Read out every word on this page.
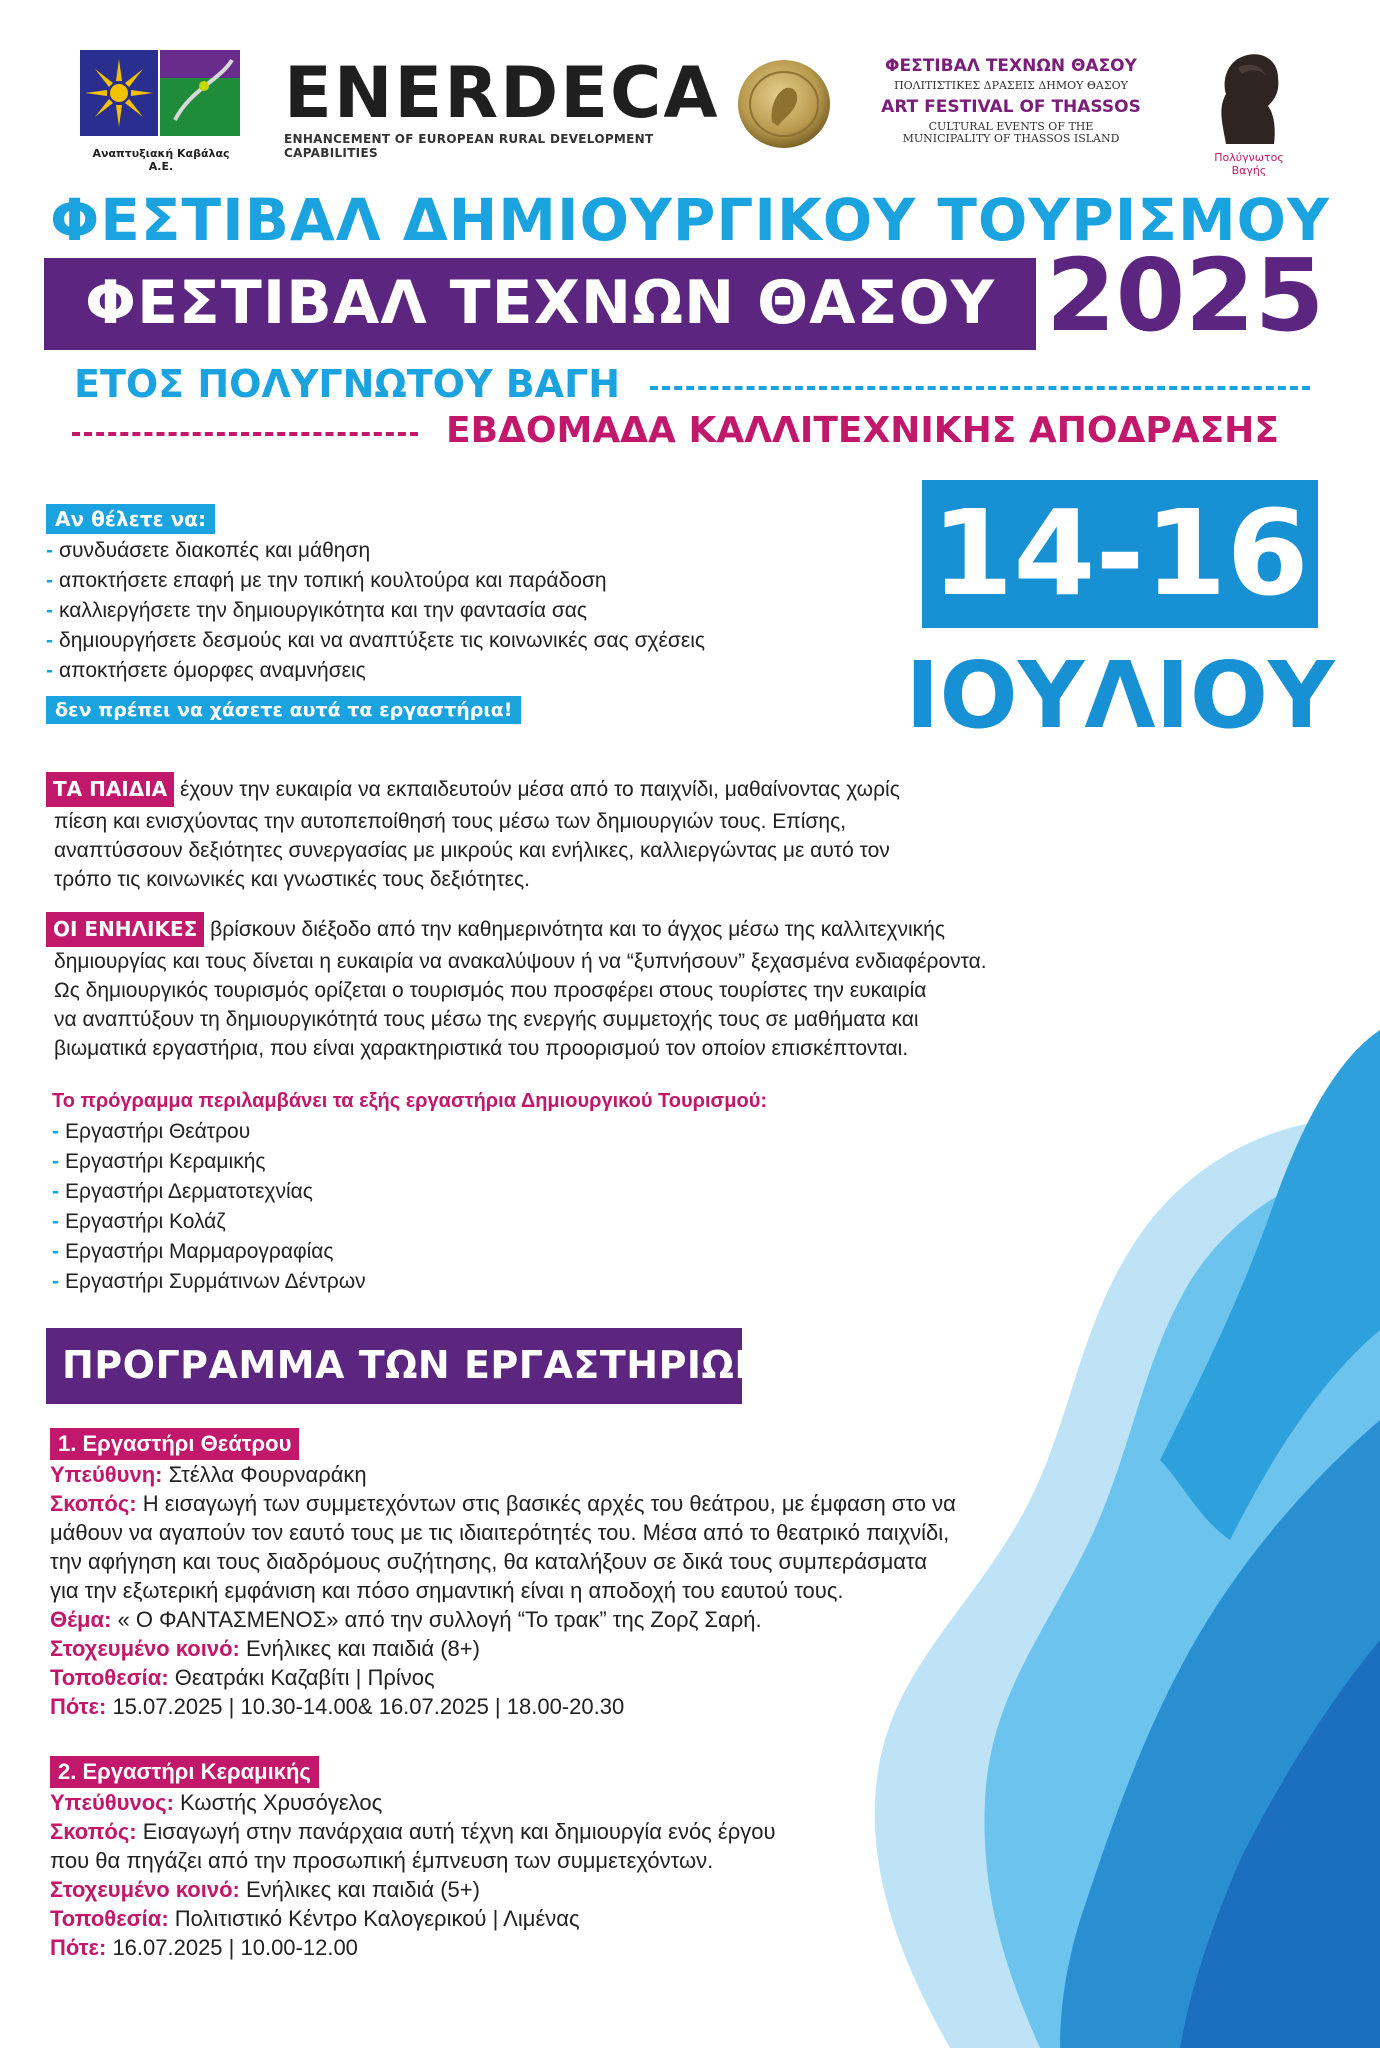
Αναπτυξιακή Καβάλας Α.Ε.
ENERDECA
ENHANCEMENT OF EUROPEAN RURAL DEVELOPMENT CAPABILITIES
ΦΕΣΤΙΒΑΛ ΤΕΧΝΩΝ ΘΑΣΟΥ
ΠΟΛΙΤΙΣΤΙΚΕΣ ΔΡΑΣΕΙΣ ΔΗΜΟΥ ΘΑΣΟΥ
ART FESTIVAL OF THASSOS
CULTURAL EVENTS OF THE MUNICIPALITY OF THASSOS ISLAND
Πολύγνωτος Βαγής
ΦΕΣΤΙΒΑΛ ΔΗΜΙΟΥΡΓΙΚΟΥ ΤΟΥΡΙΣΜΟΥ
ΦΕΣΤΙΒΑΛ ΤΕΧΝΩΝ ΘΑΣΟΥ 2025
ΕΤΟΣ ΠΟΛΥΓΝΩΤΟΥ ΒΑΓΗ
ΕΒΔΟΜΑΔΑ ΚΑΛΛΙΤΕΧΝΙΚΗΣ ΑΠΟΔΡΑΣΗΣ
14-16
ΙΟΥΛΙΟΥ
Αν θέλετε να:
- συνδυάσετε διακοπές και μάθηση
- αποκτήσετε επαφή με την τοπική κουλτούρα και παράδοση
- καλλιεργήσετε την δημιουργικότητα και την φαντασία σας
- δημιουργήσετε δεσμούς και να αναπτύξετε τις κοινωνικές σας σχέσεις
- αποκτήσετε όμορφες αναμνήσεις
δεν πρέπει να χάσετε αυτά τα εργαστήρια!
ΤΑ ΠΑΙΔΙΑ έχουν την ευκαιρία να εκπαιδευτούν μέσα από το παιχνίδι, μαθαίνοντας χωρίς
πίεση και ενισχύοντας την αυτοπεποίθησή τους μέσω των δημιουργιών τους. Επίσης,
αναπτύσσουν δεξιότητες συνεργασίας με μικρούς και ενήλικες, καλλιεργώντας με αυτό τον
τρόπο τις κοινωνικές και γνωστικές τους δεξιότητες.
ΟΙ ΕΝΗΛΙΚΕΣ βρίσκουν διέξοδο από την καθημερινότητα και το άγχος μέσω της καλλιτεχνικής
δημιουργίας και τους δίνεται η ευκαιρία να ανακαλύψουν ή να “ξυπνήσουν” ξεχασμένα ενδιαφέροντα.
Ως δημιουργικός τουρισμός ορίζεται ο τουρισμός που προσφέρει στους τουρίστες την ευκαιρία
να αναπτύξουν τη δημιουργικότητά τους μέσω της ενεργής συμμετοχής τους σε μαθήματα και
βιωματικά εργαστήρια, που είναι χαρακτηριστικά του προορισμού τον οποίον επισκέπτονται.
Το πρόγραμμα περιλαμβάνει τα εξής εργαστήρια Δημιουργικού Τουρισμού:
- Εργαστήρι Θεάτρου
- Εργαστήρι Κεραμικής
- Εργαστήρι Δερματοτεχνίας
- Εργαστήρι Κολάζ
- Εργαστήρι Μαρμαρογραφίας
- Εργαστήρι Συρμάτινων Δέντρων
ΠΡΟΓΡΑΜΜΑ ΤΩΝ ΕΡΓΑΣΤΗΡΙΩΝ
1. Εργαστήρι Θεάτρου
Υπεύθυνη: Στέλλα Φουρναράκη
Σκοπός: Η εισαγωγή των συμμετεχόντων στις βασικές αρχές του θεάτρου, με έμφαση στο να
μάθουν να αγαπούν τον εαυτό τους με τις ιδιαιτερότητές του. Μέσα από το θεατρικό παιχνίδι,
την αφήγηση και τους διαδρόμους συζήτησης, θα καταλήξουν σε δικά τους συμπεράσματα
για την εξωτερική εμφάνιση και πόσο σημαντική είναι η αποδοχή του εαυτού τους.
Θέμα: « Ο ΦΑΝΤΑΣΜΕΝΟΣ» από την συλλογή “Το τρακ” της Ζορζ Σαρή.
Στοχευμένο κοινό: Ενήλικες και παιδιά (8+)
Τοποθεσία: Θεατράκι Καζαβίτι | Πρίνος
Πότε: 15.07.2025 | 10.30-14.00& 16.07.2025 | 18.00-20.30
2. Εργαστήρι Κεραμικής
Υπεύθυνος: Κωστής Χρυσόγελος
Σκοπός: Εισαγωγή στην πανάρχαια αυτή τέχνη και δημιουργία ενός έργου
που θα πηγάζει από την προσωπική έμπνευση των συμμετεχόντων.
Στοχευμένο κοινό: Ενήλικες και παιδιά (5+)
Τοποθεσία: Πολιτιστικό Κέντρο Καλογερικού | Λιμένας
Πότε: 16.07.2025 | 10.00-12.00
